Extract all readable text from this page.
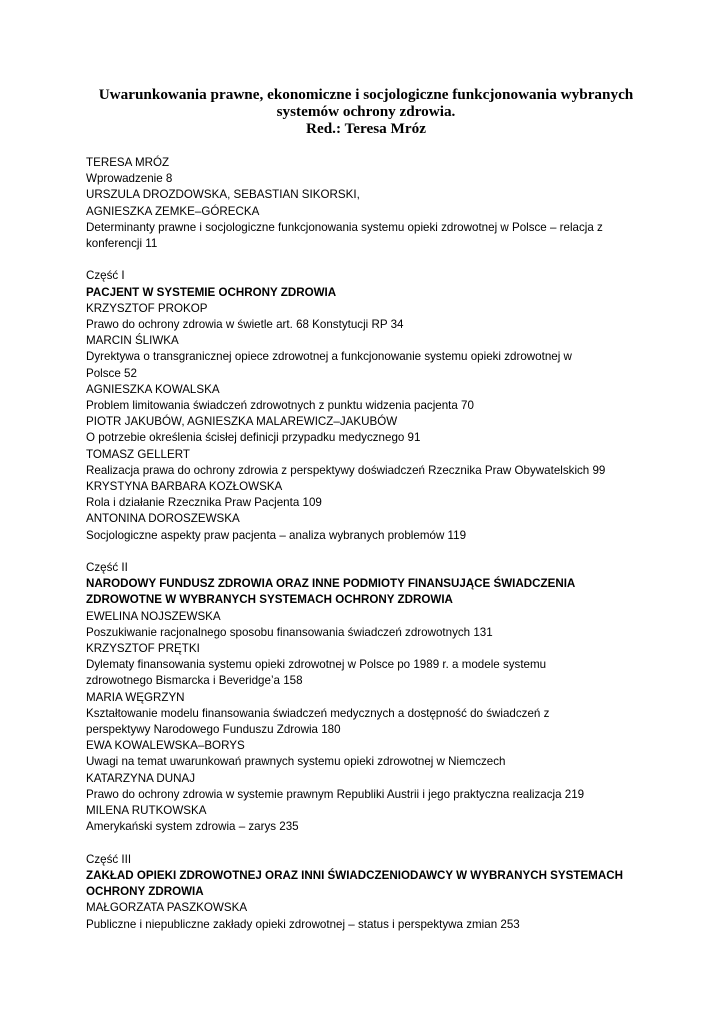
Uwarunkowania prawne, ekonomiczne i socjologiczne funkcjonowania wybranych
systemów ochrony zdrowia.
Red.: Teresa Mróz
TERESA MRÓZ
Wprowadzenie 8
URSZULA DROZDOWSKA, SEBASTIAN SIKORSKI,
AGNIESZKA ZEMKE–GÓRECKA
Determinanty prawne i socjologiczne funkcjonowania systemu opieki zdrowotnej w Polsce – relacja z
konferencji 11
Część I
PACJENT W SYSTEMIE OCHRONY ZDROWIA
KRZYSZTOF PROKOP
Prawo do ochrony zdrowia w świetle art. 68 Konstytucji RP 34
MARCIN ŚLIWKA
Dyrektywa o transgranicznej opiece zdrowotnej a funkcjonowanie systemu opieki zdrowotnej w
Polsce 52
AGNIESZKA KOWALSKA
Problem limitowania świadczeń zdrowotnych z punktu widzenia pacjenta 70
PIOTR JAKUBÓW, AGNIESZKA MALAREWICZ–JAKUBÓW
O potrzebie określenia ścisłej definicji przypadku medycznego 91
TOMASZ GELLERT
Realizacja prawa do ochrony zdrowia z perspektywy doświadczeń Rzecznika Praw Obywatelskich 99
KRYSTYNA BARBARA KOZŁOWSKA
Rola i działanie Rzecznika Praw Pacjenta 109
ANTONINA DOROSZEWSKA
Socjologiczne aspekty praw pacjenta – analiza wybranych problemów 119
Część II
NARODOWY FUNDUSZ ZDROWIA ORAZ INNE PODMIOTY FINANSUJĄCE ŚWIADCZENIA
ZDROWOTNE W WYBRANYCH SYSTEMACH OCHRONY ZDROWIA
EWELINA NOJSZEWSKA
Poszukiwanie racjonalnego sposobu finansowania świadczeń zdrowotnych 131
KRZYSZTOF PRĘTKI
Dylematy finansowania systemu opieki zdrowotnej w Polsce po 1989 r. a modele systemu
zdrowotnego Bismarcka i Beveridge’a 158
MARIA WĘGRZYN
Kształtowanie modelu finansowania świadczeń medycznych a dostępność do świadczeń z
perspektywy Narodowego Funduszu Zdrowia 180
EWA KOWALEWSKA–BORYS
Uwagi na temat uwarunkowań prawnych systemu opieki zdrowotnej w Niemczech
KATARZYNA DUNAJ
Prawo do ochrony zdrowia w systemie prawnym Republiki Austrii i jego praktyczna realizacja 219
MILENA RUTKOWSKA
Amerykański system zdrowia – zarys 235
Część III
ZAKŁAD OPIEKI ZDROWOTNEJ ORAZ INNI ŚWIADCZENIODAWCY W WYBRANYCH SYSTEMACH
OCHRONY ZDROWIA
MAŁGORZATA PASZKOWSKA
Publiczne i niepubliczne zakłady opieki zdrowotnej – status i perspektywa zmian 253
